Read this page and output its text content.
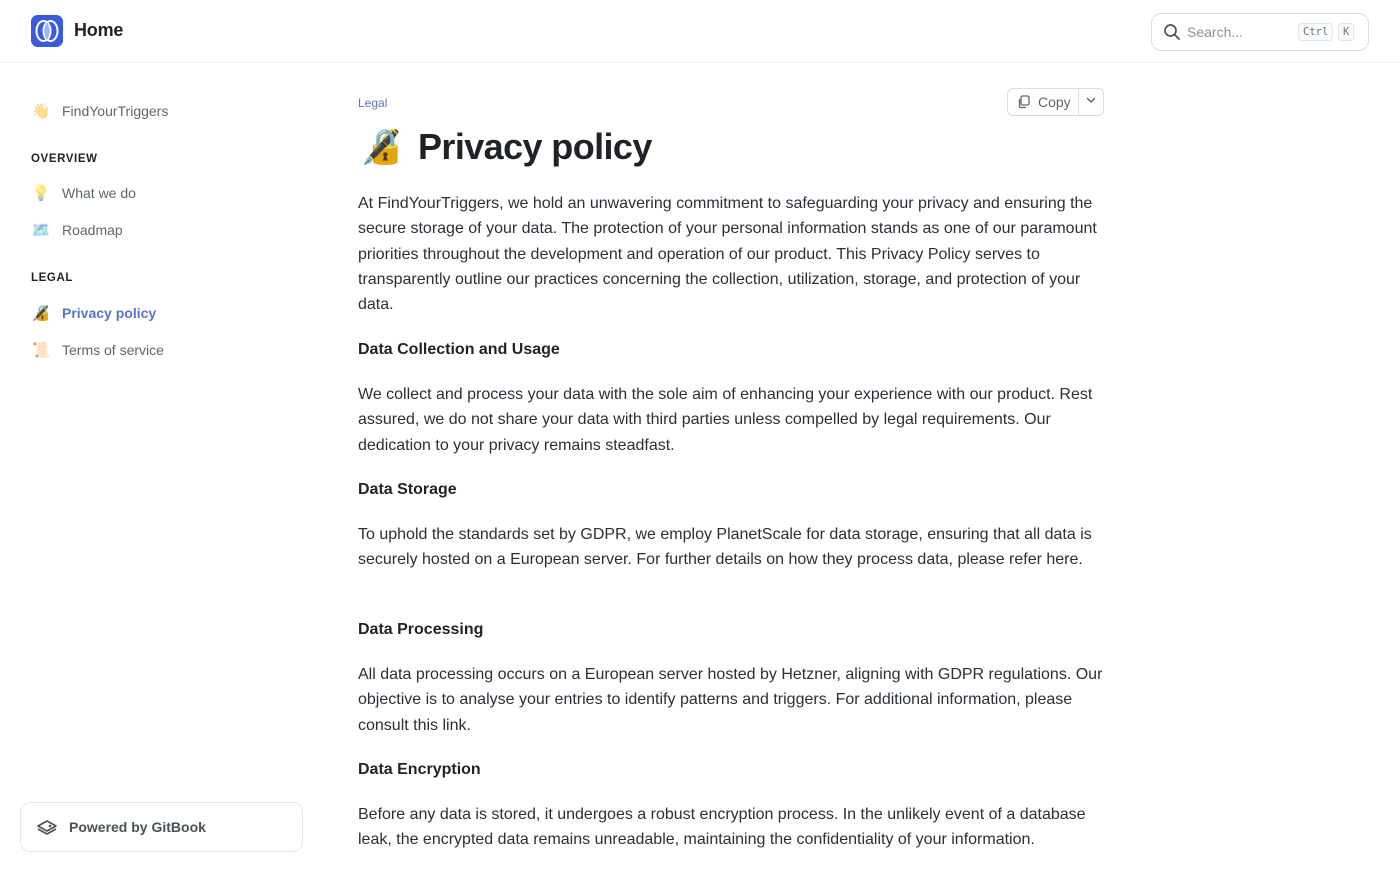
Home
Search...	Ctrl	K
👋 FindYourTriggers
OVERVIEW
💡 What we do
🗺️ Roadmap
LEGAL
🔏 Privacy policy
📜 Terms of service
Powered by GitBook
Legal	Copy
🔏 Privacy policy

At FindYourTriggers, we hold an unwavering commitment to safeguarding your privacy and ensuring the secure storage of your data. The protection of your personal information stands as one of our paramount priorities throughout the development and operation of our product. This Privacy Policy serves to transparently outline our practices concerning the collection, utilization, storage, and protection of your data.

Data Collection and Usage

We collect and process your data with the sole aim of enhancing your experience with our product. Rest assured, we do not share your data with third parties unless compelled by legal requirements. Our dedication to your privacy remains steadfast.

Data Storage

To uphold the standards set by GDPR, we employ PlanetScale for data storage, ensuring that all data is securely hosted on a European server. For further details on how they process data, please refer here.

Data Processing

All data processing occurs on a European server hosted by Hetzner, aligning with GDPR regulations. Our objective is to analyse your entries to identify patterns and triggers. For additional information, please consult this link.

Data Encryption

Before any data is stored, it undergoes a robust encryption process. In the unlikely event of a database leak, the encrypted data remains unreadable, maintaining the confidentiality of your information.
